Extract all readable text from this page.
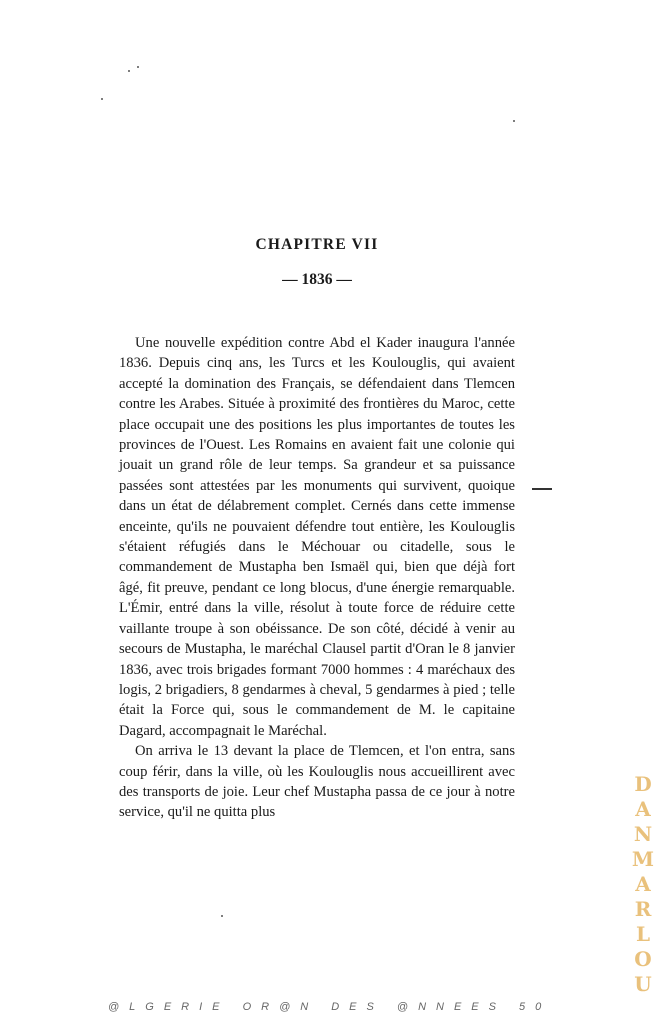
CHAPITRE VII
— 1836 —

Une nouvelle expédition contre Abd el Kader inaugura l'année 1836. Depuis cinq ans, les Turcs et les Koulouglis, qui avaient accepté la domination des Français, se défendaient dans Tlemcen contre les Arabes. Située à proximité des frontières du Maroc, cette place occupait une des positions les plus importantes de toutes les provinces de l'Ouest. Les Romains en avaient fait une colonie qui jouait un grand rôle de leur temps. Sa grandeur et sa puissance passées sont attestées par les monuments qui survivent, quoique dans un état de délabrement complet. Cernés dans cette immense enceinte, qu'ils ne pouvaient défendre tout entière, les Koulouglis s'étaient réfugiés dans le Méchouar ou citadelle, sous le commandement de Mustapha ben Ismaël qui, bien que déjà fort âgé, fit preuve, pendant ce long blocus, d'une énergie remarquable. L'Émir, entré dans la ville, résolut à toute force de réduire cette vaillante troupe à son obéissance. De son côté, décidé à venir au secours de Mustapha, le maréchal Clausel partit d'Oran le 8 janvier 1836, avec trois brigades formant 7000 hommes : 4 maréchaux des logis, 2 brigadiers, 8 gendarmes à cheval, 5 gendarmes à pied ; telle était la Force qui, sous le commandement de M. le capitaine Dagard, accompagnait le Maréchal.

On arriva le 13 devant la place de Tlemcen, et l'on entra, sans coup férir, dans la ville, où les Koulouglis nous accueillirent avec des transports de joie. Leur chef Mustapha passa de ce jour à notre service, qu'il ne quitta plus	DANMARLOU
@LGERIE OR@N DES @NNEES 50
